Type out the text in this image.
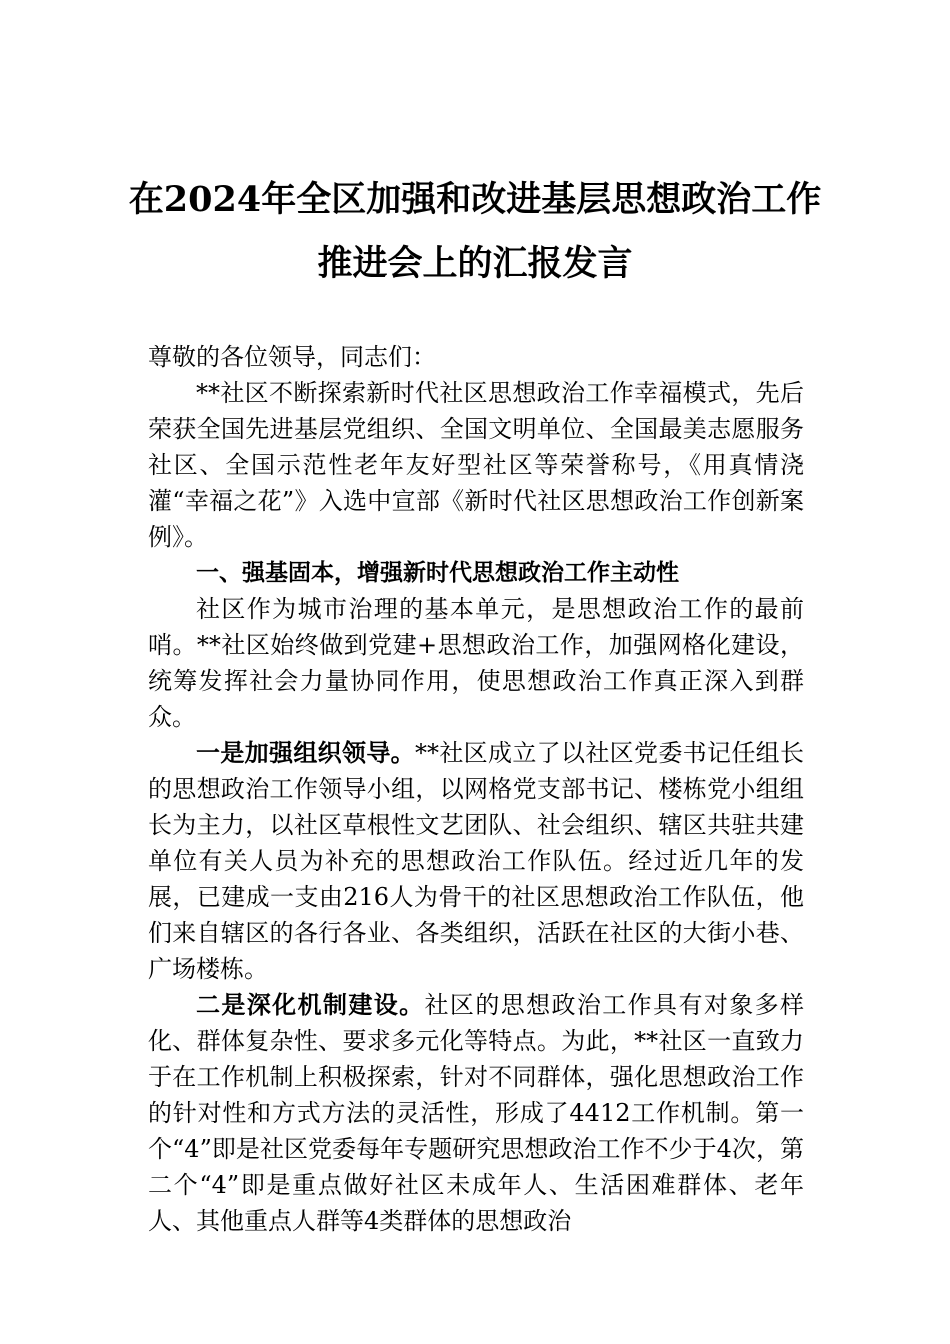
在2024年全区加强和改进基层思想政治工作推进会上的汇报发言

尊敬的各位领导，同志们：

**社区不断探索新时代社区思想政治工作幸福模式，先后荣获全国先进基层党组织、全国文明单位、全国最美志愿服务社区、全国示范性老年友好型社区等荣誉称号，《用真情浇灌“幸福之花”》入选中宣部《新时代社区思想政治工作创新案例》。

一、强基固本，增强新时代思想政治工作主动性

社区作为城市治理的基本单元，是思想政治工作的最前哨。**社区始终做到党建+思想政治工作，加强网格化建设，统筹发挥社会力量协同作用，使思想政治工作真正深入到群众。

一是加强组织领导。**社区成立了以社区党委书记任组长的思想政治工作领导小组，以网格党支部书记、楼栋党小组组长为主力，以社区草根性文艺团队、社会组织、辖区共驻共建单位有关人员为补充的思想政治工作队伍。经过近几年的发展，已建成一支由216人为骨干的社区思想政治工作队伍，他们来自辖区的各行各业、各类组织，活跃在社区的大街小巷、广场楼栋。

二是深化机制建设。社区的思想政治工作具有对象多样化、群体复杂性、要求多元化等特点。为此，**社区一直致力于在工作机制上积极探索，针对不同群体，强化思想政治工作的针对性和方式方法的灵活性，形成了4412工作机制。第一个“4”即是社区党委每年专题研究思想政治工作不少于4次，第二个“4”即是重点做好社区未成年人、生活困难群体、老年人、其他重点人群等4类群体的思想政治
